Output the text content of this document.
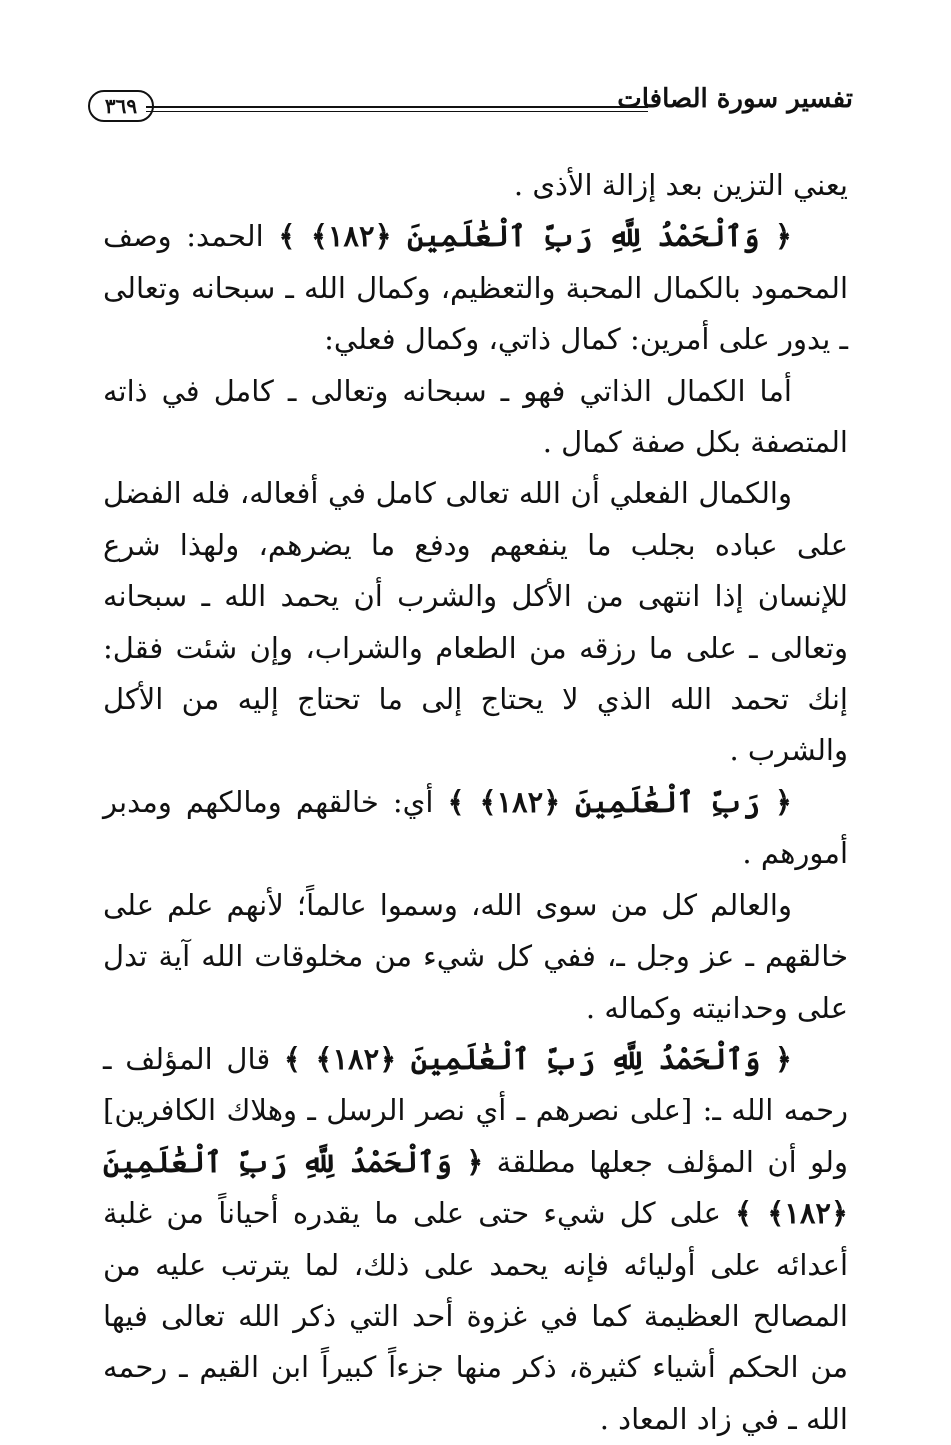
تفسير سورة الصافات
٣٦٩

يعني التزين بعد إزالة الأذى .

﴿ وَٱلْحَمْدُ لِلَّهِ رَبِّ ٱلْعَٰلَمِينَ ﴿١٨٢﴾ ﴾ الحمد: وصف المحمود بالكمال المحبة والتعظيم، وكمال الله ـ سبحانه وتعالى ـ يدور على أمرين: كمال ذاتي، وكمال فعلي:

أما الكمال الذاتي فهو ـ سبحانه وتعالى ـ كامل في ذاته المتصفة بكل صفة كمال .

والكمال الفعلي أن الله تعالى كامل في أفعاله، فله الفضل على عباده بجلب ما ينفعهم ودفع ما يضرهم، ولهذا شرع للإنسان إذا انتهى من الأكل والشرب أن يحمد الله ـ سبحانه وتعالى ـ على ما رزقه من الطعام والشراب، وإن شئت فقل: إنك تحمد الله الذي لا يحتاج إلى ما تحتاج إليه من الأكل والشرب .

﴿ رَبِّ ٱلْعَٰلَمِينَ ﴿١٨٢﴾ ﴾ أي: خالقهم ومالكهم ومدبر أمورهم .

والعالم كل من سوى الله، وسموا عالماً؛ لأنهم علم على خالقهم ـ عز وجل ـ، ففي كل شيء من مخلوقات الله آية تدل على وحدانيته وكماله .

﴿ وَٱلْحَمْدُ لِلَّهِ رَبِّ ٱلْعَٰلَمِينَ ﴿١٨٢﴾ ﴾ قال المؤلف ـ رحمه الله ـ: [على نصرهم ـ أي نصر الرسل ـ وهلاك الكافرين] ولو أن المؤلف جعلها مطلقة ﴿ وَٱلْحَمْدُ لِلَّهِ رَبِّ ٱلْعَٰلَمِينَ ﴿١٨٢﴾ ﴾ على كل شيء حتى على ما يقدره أحياناً من غلبة أعدائه على أوليائه فإنه يحمد على ذلك، لما يترتب عليه من المصالح العظيمة كما في غزوة أحد التي ذكر الله تعالى فيها من الحكم أشياء كثيرة، ذكر منها جزءاً كبيراً ابن القيم ـ رحمه الله ـ في زاد المعاد .
